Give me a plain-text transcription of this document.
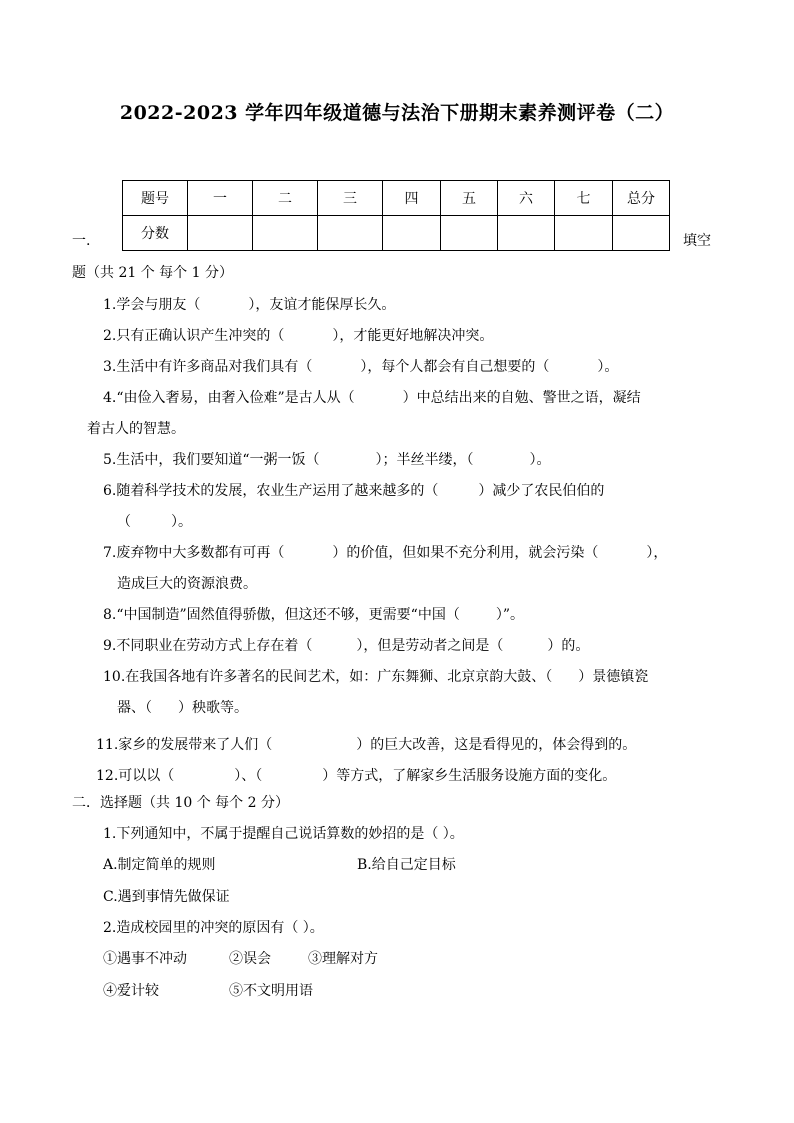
2022-2023 学年四年级道德与法治下册期末素养测评卷（二）
题号	一	二	三	四	五	六	七	总分
分数								
一.	填空
题（共 21 个 每个 1 分）
1.学会与朋友（	），友谊才能保厚长久。
2.只有正确认识产生冲突的（	），才能更好地解决冲突。
3.生活中有许多商品对我们具有（	），每个人都会有自己想要的（	）。
4.“由俭入奢易，由奢入俭难”是古人从（	）中总结出来的自勉、警世之语，凝结
着古人的智慧。
5.生活中，我们要知道“一粥一饭（	）；半丝半缕，（	）。
6.随着科学技术的发展，农业生产运用了越来越多的（	）减少了农民伯伯的
（	）。
7.废弃物中大多数都有可再（	）的价值，但如果不充分利用，就会污染（	），
造成巨大的资源浪费。
8.“中国制造”固然值得骄傲，但这还不够，更需要“中国（	）”。
9.不同职业在劳动方式上存在着（	），但是劳动者之间是（	）的。
10.在我国各地有许多著名的民间艺术，如：广东舞狮、北京京韵大鼓、（ ）景德镇瓷
器、（ ）秧歌等。
11.家乡的发展带来了人们（	）的巨大改善，这是看得见的，体会得到的。
12.可以以（	）、（	）等方式，了解家乡生活服务设施方面的变化。
二．选择题（共 10 个 每个 2 分）
1.下列通知中，不属于提醒自己说话算数的妙招的是（ ）。
A.制定简单的规则	B.给自己定目标
C.遇到事情先做保证
2.造成校园里的冲突的原因有（ ）。
①遇事不冲动	②误会	③理解对方
④爱计较	⑤不文明用语
